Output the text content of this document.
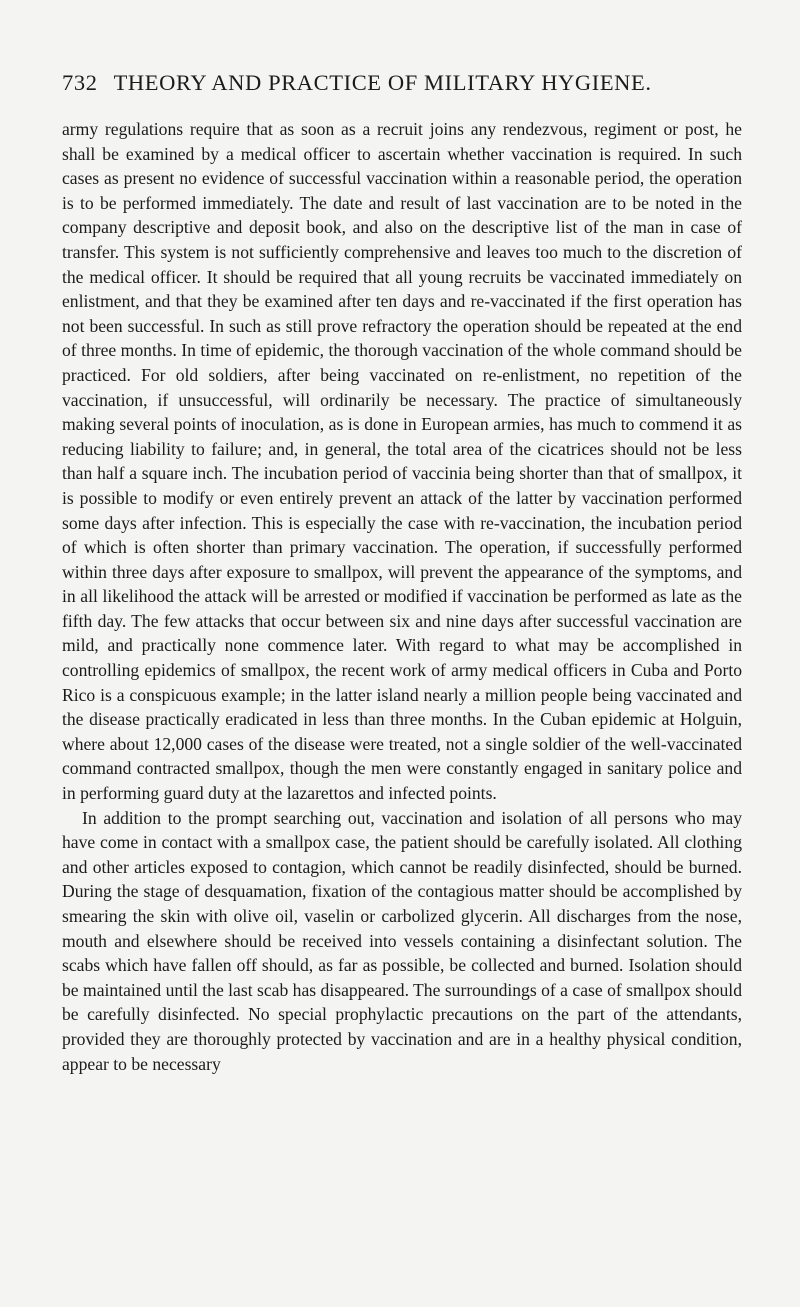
732 THEORY AND PRACTICE OF MILITARY HYGIENE.

army regulations require that as soon as a recruit joins any rendezvous, regiment or post, he shall be examined by a medical officer to ascertain whether vaccination is required. In such cases as present no evidence of successful vaccination within a reasonable period, the operation is to be performed immediately. The date and result of last vaccination are to be noted in the company descriptive and deposit book, and also on the descriptive list of the man in case of transfer. This system is not sufficiently comprehensive and leaves too much to the discretion of the medical officer. It should be required that all young recruits be vaccinated immediately on enlistment, and that they be examined after ten days and re-vaccinated if the first operation has not been successful. In such as still prove refractory the operation should be repeated at the end of three months. In time of epidemic, the thorough vaccination of the whole command should be practiced. For old soldiers, after being vaccinated on re-enlistment, no repetition of the vaccination, if unsuccessful, will ordinarily be necessary. The practice of simultaneously making several points of inoculation, as is done in European armies, has much to commend it as reducing liability to failure; and, in general, the total area of the cicatrices should not be less than half a square inch. The incubation period of vaccinia being shorter than that of smallpox, it is possible to modify or even entirely prevent an attack of the latter by vaccination performed some days after infection. This is especially the case with re-vaccination, the incubation period of which is often shorter than primary vaccination. The operation, if successfully performed within three days after exposure to smallpox, will prevent the appearance of the symptoms, and in all likelihood the attack will be arrested or modified if vaccination be performed as late as the fifth day. The few attacks that occur between six and nine days after successful vaccination are mild, and practically none commence later. With regard to what may be accomplished in controlling epidemics of smallpox, the recent work of army medical officers in Cuba and Porto Rico is a conspicuous example; in the latter island nearly a million people being vaccinated and the disease practically eradicated in less than three months. In the Cuban epidemic at Holguin, where about 12,000 cases of the disease were treated, not a single soldier of the well-vaccinated command contracted smallpox, though the men were constantly engaged in sanitary police and in performing guard duty at the lazarettos and infected points.

In addition to the prompt searching out, vaccination and isolation of all persons who may have come in contact with a smallpox case, the patient should be carefully isolated. All clothing and other articles exposed to contagion, which cannot be readily disinfected, should be burned. During the stage of desquamation, fixation of the contagious matter should be accomplished by smearing the skin with olive oil, vaselin or carbolized glycerin. All discharges from the nose, mouth and elsewhere should be received into vessels containing a disinfectant solution. The scabs which have fallen off should, as far as possible, be collected and burned. Isolation should be maintained until the last scab has disappeared. The surroundings of a case of smallpox should be carefully disinfected. No special prophylactic precautions on the part of the attendants, provided they are thoroughly protected by vaccination and are in a healthy physical condition, appear to be necessary
